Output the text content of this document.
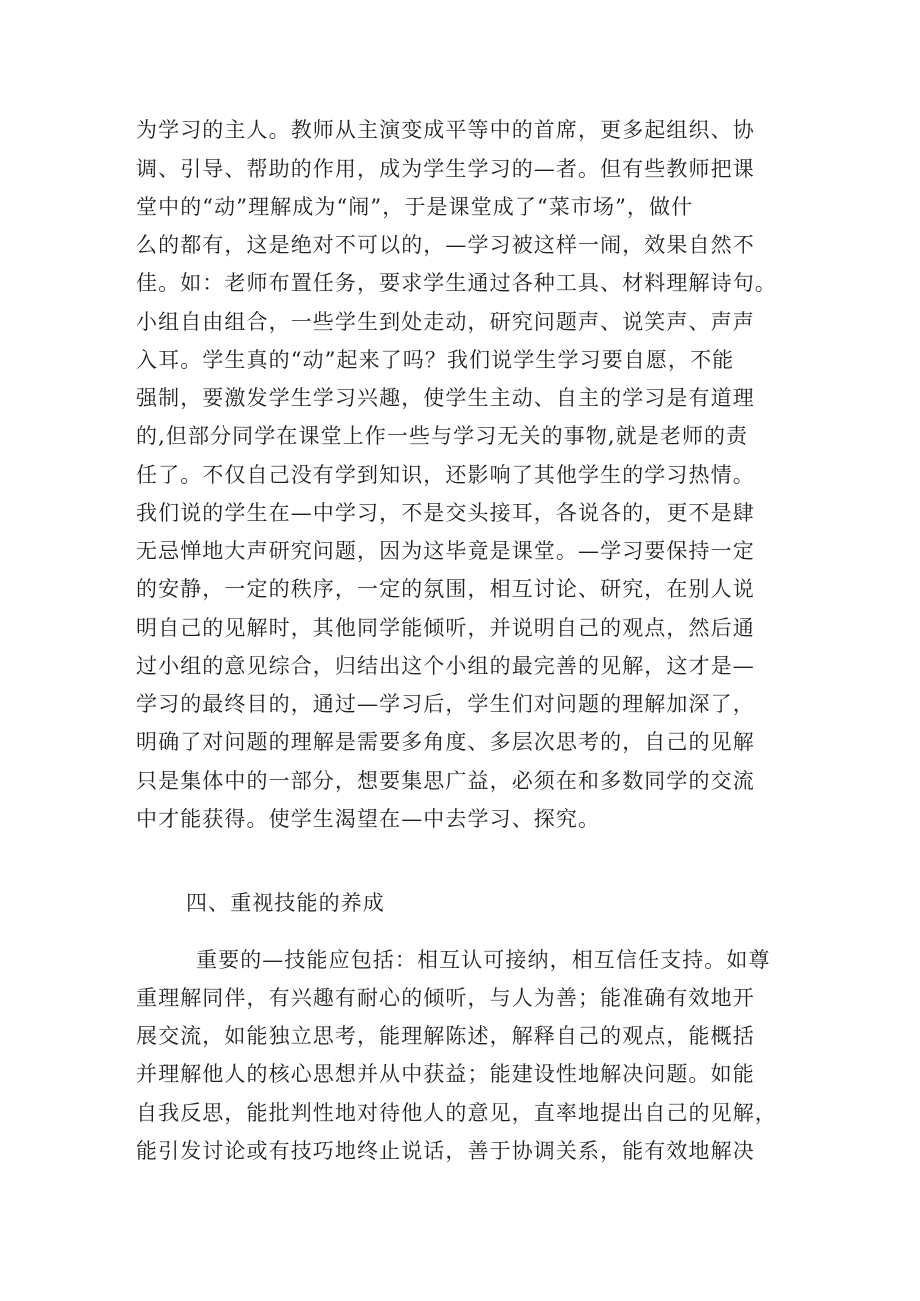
为学习的主人。教师从主演变成平等中的首席，更多起组织、协
调、引导、帮助的作用，成为学生学习的—者。但有些教师把课
堂中的“动”理解成为“闹”，于是课堂成了“菜市场”，做什
么的都有，这是绝对不可以的，—学习被这样一闹，效果自然不
佳。如：老师布置任务，要求学生通过各种工具、材料理解诗句。
小组自由组合，一些学生到处走动，研究问题声、说笑声、声声
入耳。学生真的“动”起来了吗？我们说学生学习要自愿，不能
强制，要激发学生学习兴趣，使学生主动、自主的学习是有道理
的,但部分同学在课堂上作一些与学习无关的事物,就是老师的责
任了。不仅自己没有学到知识，还影响了其他学生的学习热情。
我们说的学生在—中学习，不是交头接耳，各说各的，更不是肆
无忌惮地大声研究问题，因为这毕竟是课堂。—学习要保持一定
的安静，一定的秩序，一定的氛围，相互讨论、研究，在别人说
明自己的见解时，其他同学能倾听，并说明自己的观点，然后通
过小组的意见综合，归结出这个小组的最完善的见解，这才是—
学习的最终目的，通过—学习后，学生们对问题的理解加深了，
明确了对问题的理解是需要多角度、多层次思考的，自己的见解
只是集体中的一部分，想要集思广益，必须在和多数同学的交流
中才能获得。使学生渴望在—中去学习、探究。
四、重视技能的养成
重要的—技能应包括：相互认可接纳，相互信任支持。如尊
重理解同伴，有兴趣有耐心的倾听，与人为善；能准确有效地开
展交流，如能独立思考，能理解陈述，解释自己的观点，能概括
并理解他人的核心思想并从中获益；能建设性地解决问题。如能
自我反思，能批判性地对待他人的意见，直率地提出自己的见解，
能引发讨论或有技巧地终止说话，善于协调关系，能有效地解决
